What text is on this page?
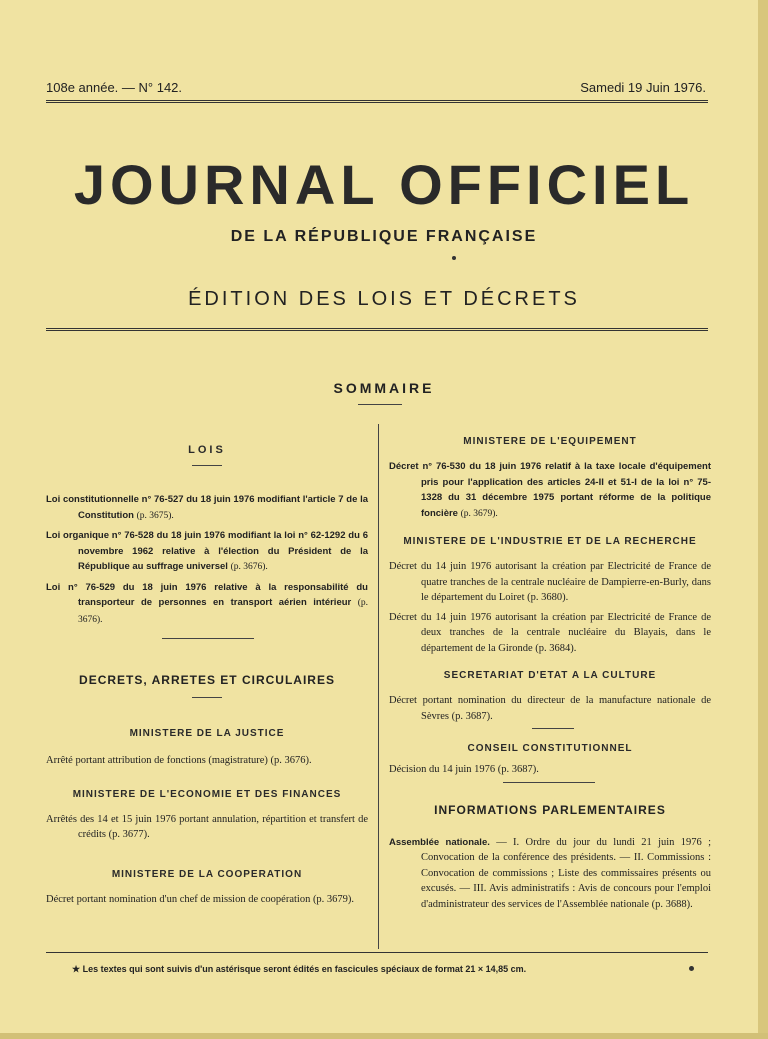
108e année. — N° 142.	Samedi 19 Juin 1976.
JOURNAL OFFICIEL
DE LA RÉPUBLIQUE FRANÇAISE
ÉDITION DES LOIS ET DÉCRETS
SOMMAIRE
LOIS

Loi constitutionnelle n° 76-527 du 18 juin 1976 modifiant l'article 7 de la Constitution (p. 3675).

Loi organique n° 76-528 du 18 juin 1976 modifiant la loi n° 62-1292 du 6 novembre 1962 relative à l'élection du Président de la République au suffrage universel (p. 3676).

Loi n° 76-529 du 18 juin 1976 relative à la responsabilité du transporteur de personnes en transport aérien intérieur (p. 3676).

DECRETS, ARRETES ET CIRCULAIRES
MINISTERE DE LA JUSTICE

Arrêté portant attribution de fonctions (magistrature) (p. 3676).

MINISTERE DE L'ECONOMIE ET DES FINANCES

Arrêtés des 14 et 15 juin 1976 portant annulation, répartition et transfert de crédits (p. 3677).

MINISTERE DE LA COOPERATION

Décret portant nomination d'un chef de mission de coopération (p. 3679).

MINISTERE DE L'EQUIPEMENT

Décret n° 76-530 du 18 juin 1976 relatif à la taxe locale d'équipement pris pour l'application des articles 24-II et 51-I de la loi n° 75-1328 du 31 décembre 1975 portant réforme de la politique foncière (p. 3679).

MINISTERE DE L'INDUSTRIE ET DE LA RECHERCHE

Décret du 14 juin 1976 autorisant la création par Electricité de France de quatre tranches de la centrale nucléaire de Dampierre-en-Burly, dans le département du Loiret (p. 3680).

Décret du 14 juin 1976 autorisant la création par Electricité de France de deux tranches de la centrale nucléaire du Blayais, dans le département de la Gironde (p. 3684).

SECRETARIAT D'ETAT A LA CULTURE

Décret portant nomination du directeur de la manufacture nationale de Sèvres (p. 3687).

CONSEIL CONSTITUTIONNEL

Décision du 14 juin 1976 (p. 3687).

INFORMATIONS PARLEMENTAIRES

Assemblée nationale. — I. Ordre du jour du lundi 21 juin 1976 ; Convocation de la conférence des présidents. — II. Commissions : Convocation de commissions ; Liste des commissaires présents ou excusés. — III. Avis administratifs : Avis de concours pour l'emploi d'administrateur des services de l'Assemblée nationale (p. 3688).

★ Les textes qui sont suivis d'un astérisque seront édités en fascicules spéciaux de format 21 × 14,85 cm.
